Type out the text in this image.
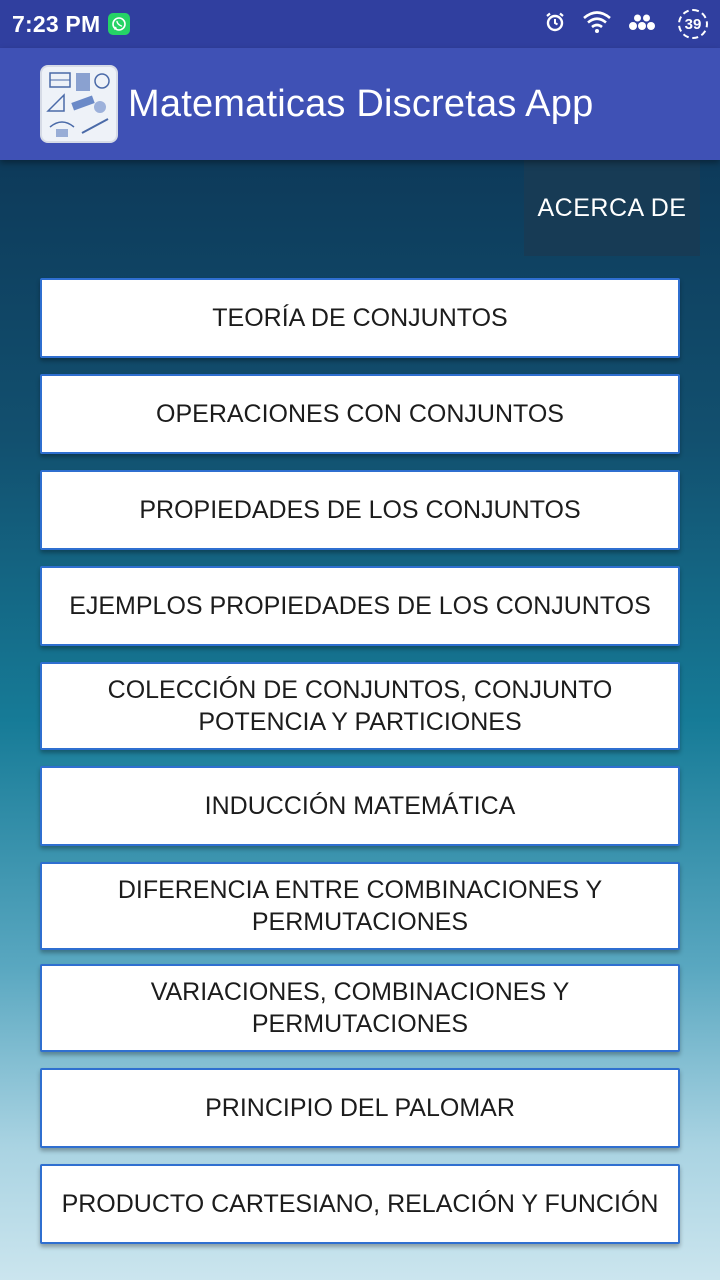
7:23 PM	39
Matematicas Discretas App
ACERCA DE
TEORÍA DE CONJUNTOS
OPERACIONES CON CONJUNTOS
PROPIEDADES DE LOS CONJUNTOS
EJEMPLOS PROPIEDADES DE LOS CONJUNTOS
COLECCIÓN DE CONJUNTOS, CONJUNTO POTENCIA Y PARTICIONES
INDUCCIÓN MATEMÁTICA
DIFERENCIA ENTRE COMBINACIONES Y PERMUTACIONES
VARIACIONES, COMBINACIONES Y PERMUTACIONES
PRINCIPIO DEL PALOMAR
PRODUCTO CARTESIANO, RELACIÓN Y FUNCIÓN
